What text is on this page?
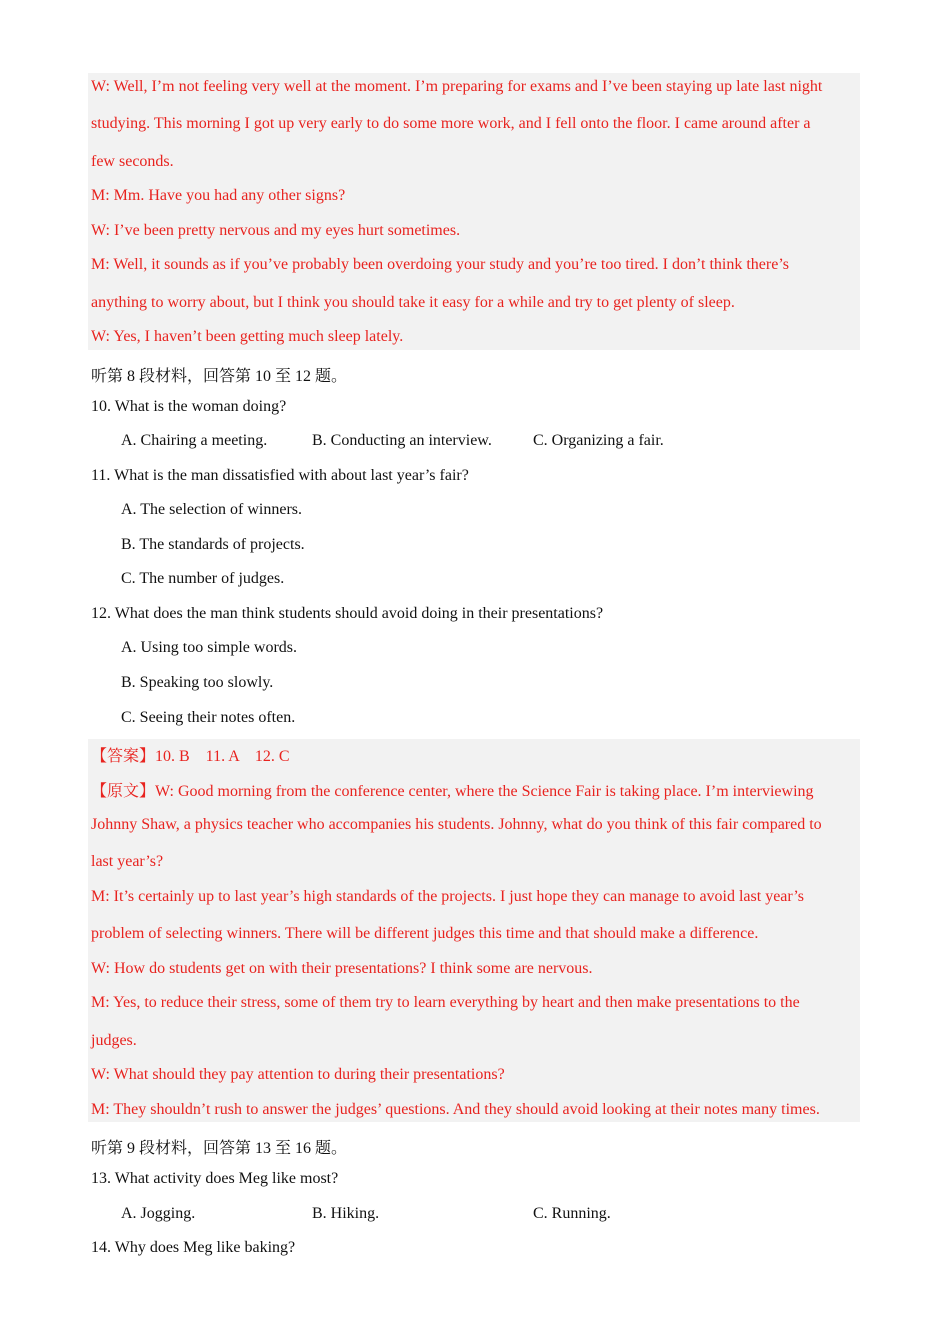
W: Well, I’m not feeling very well at the moment. I’m preparing for exams and I’ve been staying up late last night
studying. This morning I got up very early to do some more work, and I fell onto the floor. I came around after a
few seconds.
M: Mm. Have you had any other signs?
W: I’ve been pretty nervous and my eyes hurt sometimes.
M: Well, it sounds as if you’ve probably been overdoing your study and you’re too tired. I don’t think there’s
anything to worry about, but I think you should take it easy for a while and try to get plenty of sleep.
W: Yes, I haven’t been getting much sleep lately.
听第 8 段材料，回答第 10 至 12 题。
10. What is the woman doing?
A. Chairing a meeting.	B. Conducting an interview.	C. Organizing a fair.
11. What is the man dissatisfied with about last year’s fair?
A. The selection of winners.
B. The standards of projects.
C. The number of judges.
12. What does the man think students should avoid doing in their presentations?
A. Using too simple words.
B. Speaking too slowly.
C. Seeing their notes often.
【答案】10. B    11. A    12. C
【原文】W: Good morning from the conference center, where the Science Fair is taking place. I’m interviewing
Johnny Shaw, a physics teacher who accompanies his students. Johnny, what do you think of this fair compared to
last year’s?
M: It’s certainly up to last year’s high standards of the projects. I just hope they can manage to avoid last year’s
problem of selecting winners. There will be different judges this time and that should make a difference.
W: How do students get on with their presentations? I think some are nervous.
M: Yes, to reduce their stress, some of them try to learn everything by heart and then make presentations to the
judges.
W: What should they pay attention to during their presentations?
M: They shouldn’t rush to answer the judges’ questions. And they should avoid looking at their notes many times.
听第 9 段材料，回答第 13 至 16 题。
13. What activity does Meg like most?
A. Jogging.	B. Hiking.	C. Running.
14. Why does Meg like baking?
